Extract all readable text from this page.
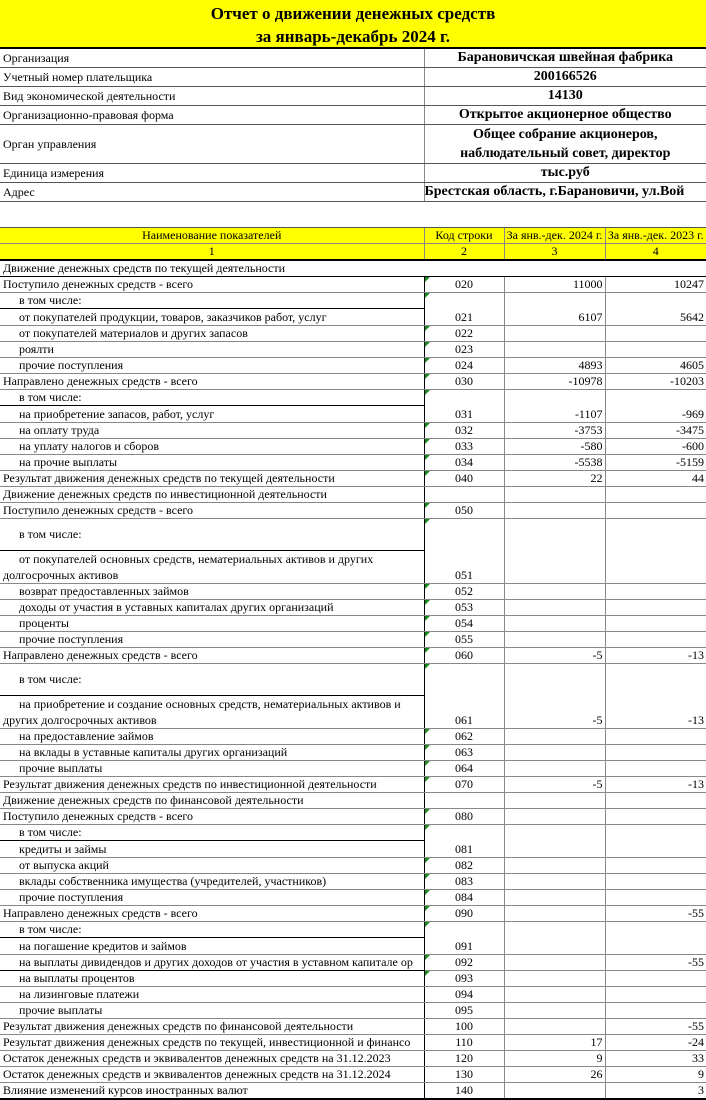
Отчет о движении денежных средств
за январь-декабрь 2024 г.
Организация	Барановичская швейная фабрика
Учетный номер плательщика	200166526
Вид экономической деятельности	14130
Организационно-правовая форма	Открытое акционерное общество
Орган управления	Общее собрание акционеров, наблюдательный совет, директор
Единица измерения	тыс.руб
Адрес	Брестская область, г.Барановичи, ул.Вой
Наименование показателей	Код строки	За янв.-дек. 2024 г.	За янв.-дек. 2023 г.
1	2	3	4
Движение денежных средств по текущей деятельности			
Поступило денежных средств - всего	020	11000	10247

в том числе:
от покупателей продукции, товаров, заказчиков работ, услуг	021	6107	5642
от покупателей материалов и других запасов	022		
роялти	023		
прочие поступления	024	4893	4605
Направлено денежных средств - всего	030	-10978	-10203

в том числе:
на приобретение запасов, работ, услуг	031	-1107	-969
на оплату труда	032	-3753	-3475
на уплату налогов и сборов	033	-580	-600
на прочие выплаты	034	-5538	-5159
Результат движения денежных средств по текущей деятельности	040	22	44
Движение денежных средств по инвестиционной деятельности			
Поступило денежных средств - всего	050		

в том числе:
от покупателей основных средств, нематериальных активов и других долгосрочных активов	051		
возврат предоставленных займов	052		
доходы от участия в уставных капиталах других организаций	053		
проценты	054		
прочие поступления	055		
Направлено денежных средств - всего	060	-5	-13

в том числе:
на приобретение и создание основных средств, нематериальных активов и других долгосрочных активов	061	-5	-13
на предоставление займов	062		
на вклады в уставные капиталы других организаций	063		
прочие выплаты	064		
Результат движения денежных средств по инвестиционной деятельности	070	-5	-13
Движение денежных средств по финансовой деятельности			
Поступило денежных средств - всего	080		

в том числе:
кредиты и займы	081		
от выпуска акций	082		
вклады собственника имущества (учредителей, участников)	083		
прочие поступления	084		
Направлено денежных средств - всего	090		-55

в том числе:
на погашение кредитов и займов	091		
на выплаты дивидендов и других доходов от участия в уставном капитале ор	092		-55
на выплаты процентов	093		
на лизинговые платежи	094		
прочие выплаты	095		
Результат движения денежных средств по финансовой деятельности	100		-55
Результат движения денежных средств по текущей, инвестиционной и финансо	110	17	-24
Остаток денежных средств и эквивалентов денежных средств на 31.12.2023	120	9	33
Остаток денежных средств и эквивалентов денежных средств на 31.12.2024	130	26	9
Влияние изменений курсов иностранных валют	140		3
